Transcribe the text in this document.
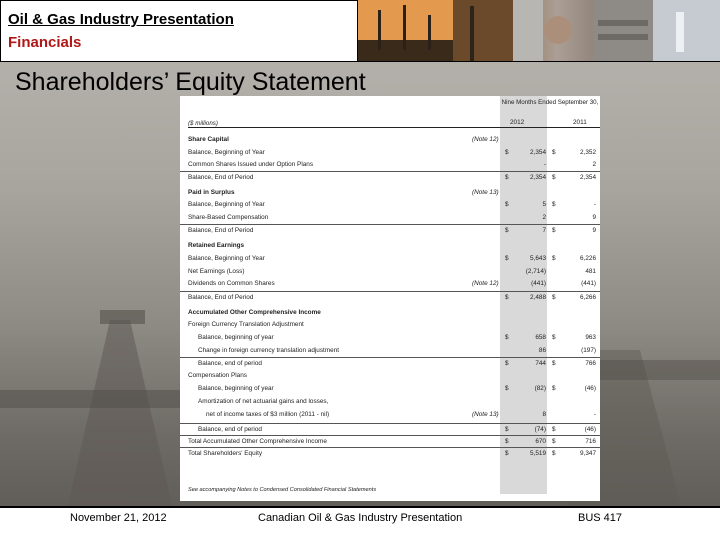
Oil & Gas Industry Presentation
Financials
Shareholders’ Equity Statement
Nine Months Ended September 30,
2012	2011
($ millions)
Share Capital	(Note 12)
Balance, Beginning of Year	$	2,354 $	2,352
Common Shares Issued under Option Plans	-	2
Balance, End of Period	$	2,354 $	2,354
Paid in Surplus	(Note 13)
Balance, Beginning of Year	$	5 $	-
Share-Based Compensation	2	9
Balance, End of Period	$	7 $	9
Retained Earnings
Balance, Beginning of Year	$	5,643 $	6,226
Net Earnings (Loss)	(2,714)	481
Dividends on Common Shares	(Note 12)	(441)	(441)
Balance, End of Period	$	2,488 $	6,266
Accumulated Other Comprehensive Income
Foreign Currency Translation Adjustment
Balance, beginning of year	$	658 $	963
Change in foreign currency translation adjustment	86	(197)
Balance, end of period	$	744 $	766
Compensation Plans
Balance, beginning of year	$	(82) $	(46)
Amortization of net actuarial gains and losses,
net of income taxes of $3 million (2011 - nil)	(Note 13)	8	-
Balance, end of period	$	(74) $	(46)
Total Accumulated Other Comprehensive Income	$	670 $	716
Total Shareholders' Equity	$	5,519 $	9,347
See accompanying Notes to Condensed Consolidated Financial Statements
November 21, 2012	Canadian Oil & Gas Industry Presentation	BUS 417
